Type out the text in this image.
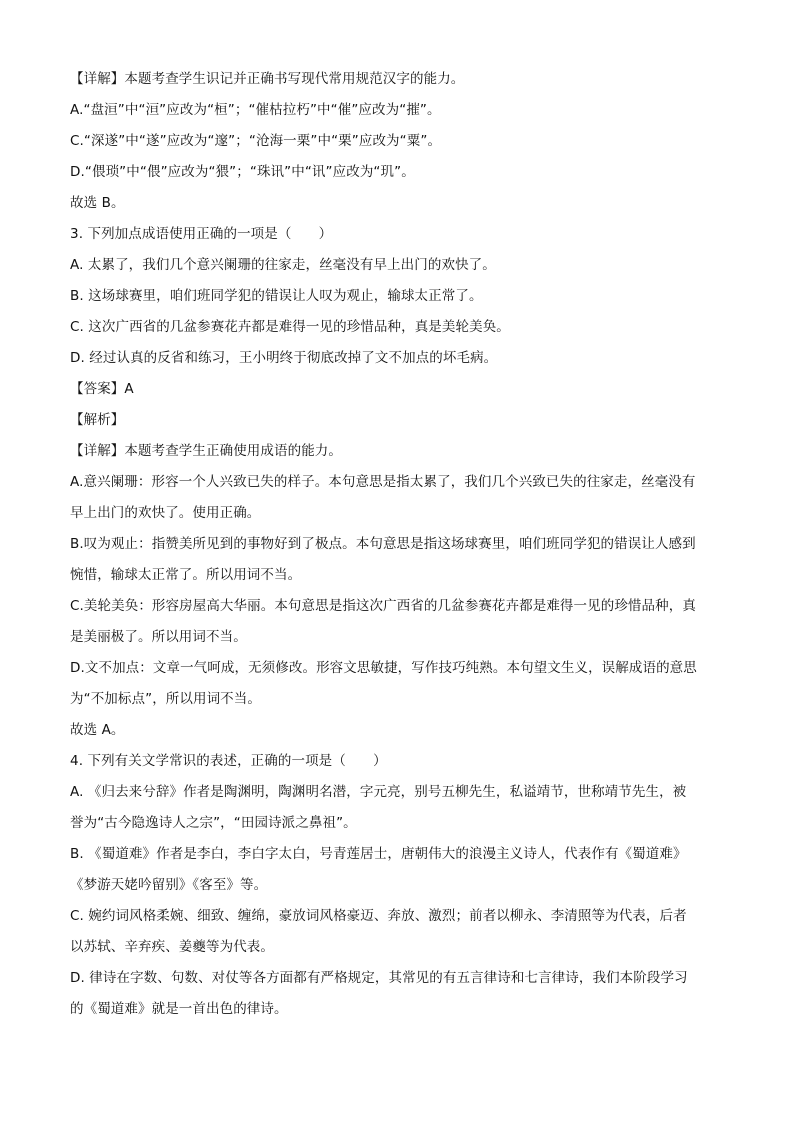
【详解】本题考查学生识记并正确书写现代常用规范汉字的能力。
A.“盘洹”中“洹”应改为“桓”；“催枯拉朽”中“催”应改为“摧”。
C.“深遂”中“遂”应改为“邃”；“沧海一栗”中“栗”应改为“粟”。
D.“偎琐”中“偎”应改为“猥”；“珠讯”中“讯”应改为“玑”。
故选 B。
3. 下列加点成语使用正确的一项是（　　）
A. 太累了，我们几个意兴阑珊的往家走，丝毫没有早上出门的欢快了。
B. 这场球赛里，咱们班同学犯的错误让人叹为观止，输球太正常了。
C. 这次广西省的几盆参赛花卉都是难得一见的珍惜品种，真是美轮美奂。
D. 经过认真的反省和练习，王小明终于彻底改掉了文不加点的坏毛病。
【答案】A
【解析】
【详解】本题考查学生正确使用成语的能力。
A.意兴阑珊：形容一个人兴致已失的样子。本句意思是指太累了，我们几个兴致已失的往家走，丝毫没有
早上出门的欢快了。使用正确。
B.叹为观止：指赞美所见到的事物好到了极点。本句意思是指这场球赛里，咱们班同学犯的错误让人感到
惋惜，输球太正常了。所以用词不当。
C.美轮美奂：形容房屋高大华丽。本句意思是指这次广西省的几盆参赛花卉都是难得一见的珍惜品种，真
是美丽极了。所以用词不当。
D.文不加点：文章一气呵成，无须修改。形容文思敏捷，写作技巧纯熟。本句望文生义，误解成语的意思
为“不加标点”，所以用词不当。
故选 A。
4. 下列有关文学常识的表述，正确的一项是（　　）
A. 《归去来兮辞》作者是陶渊明，陶渊明名潜，字元亮，别号五柳先生，私谥靖节，世称靖节先生，被
誉为“古今隐逸诗人之宗”，“田园诗派之鼻祖”。
B. 《蜀道难》作者是李白，李白字太白，号青莲居士，唐朝伟大的浪漫主义诗人，代表作有《蜀道难》
《梦游天姥吟留别》《客至》等。
C. 婉约词风格柔婉、细致、缠绵，豪放词风格豪迈、奔放、激烈；前者以柳永、李清照等为代表，后者
以苏轼、辛弃疾、姜夔等为代表。
D. 律诗在字数、句数、对仗等各方面都有严格规定，其常见的有五言律诗和七言律诗，我们本阶段学习
的《蜀道难》就是一首出色的律诗。
